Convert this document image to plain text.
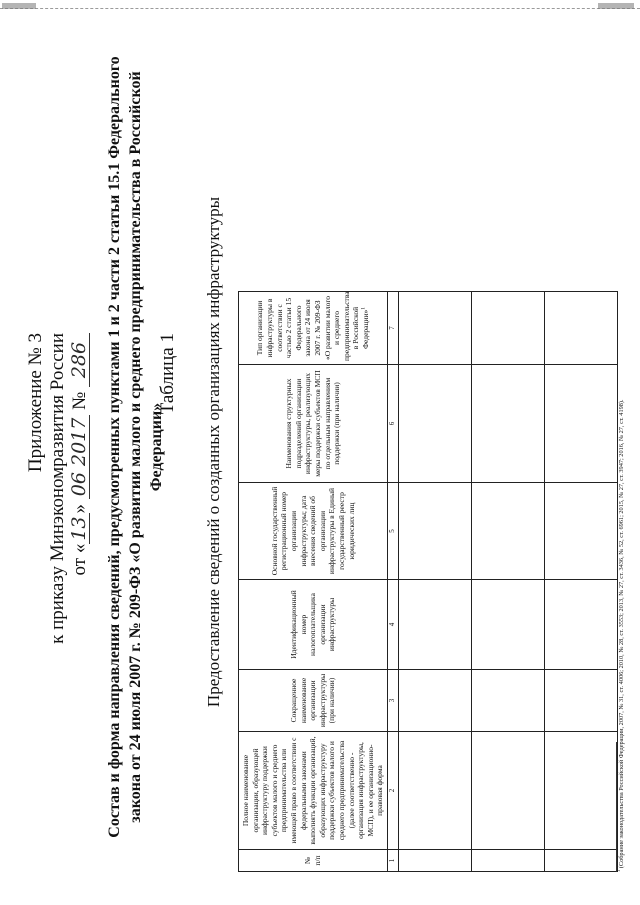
Приложение № 3 к приказу Минэкономразвития России от «13» 06 2017 № 286 Состав и форма направления сведений, предусмотренных пунктами 1 и 2 части 2 статьи 15.1 Федерального закона от 24 июля 2007 г. № 209-ФЗ «О развитии малого и среднего предпринимательства в Российской Федерации»
Таблица 1 Предоставление сведений о созданных организациях инфраструктуры
№ п/п	Полное наименование организации, образующей инфраструктуру поддержки субъектов малого и среднего предпринимательства или имеющей право в соответствии с федеральными законами выполнять функции организаций, образующих инфраструктуру поддержки субъектов малого и среднего предпринимательства (далее соответственно - организация инфраструктуры, МСП), и ее организационно-правовая форма	Сокращенное наименование организации инфраструктуры (при наличии)	Идентификационный номер налогоплательщика организации инфраструктуры	Основной государственный регистрационный номер организации инфраструктуры; дата внесения сведений об организации инфраструктуры в Единый государственный реестр юридических лиц	Наименования структурных подразделений организации инфраструктуры, реализующих меры поддержки субъектов МСП по отдельным направлениям поддержки (при наличии)	Тип организации инфраструктуры в соответствии с частью 2 статьи 15 Федерального закона от 24 июля 2007 г. № 209-ФЗ «О развитии малого и среднего предпринимательства в Российской Федерации»$^1$
1	2	3	4	5	6	7

$^1$ (Собрание законодательства Российской Федерации, 2007, № 31, ст. 4006; 2010, № 28, ст. 3553; 2013, № 27, ст. 3436, № 52, ст. 6961; 2015, № 27, ст. 3947; 2016, № 27, ст. 4198).
